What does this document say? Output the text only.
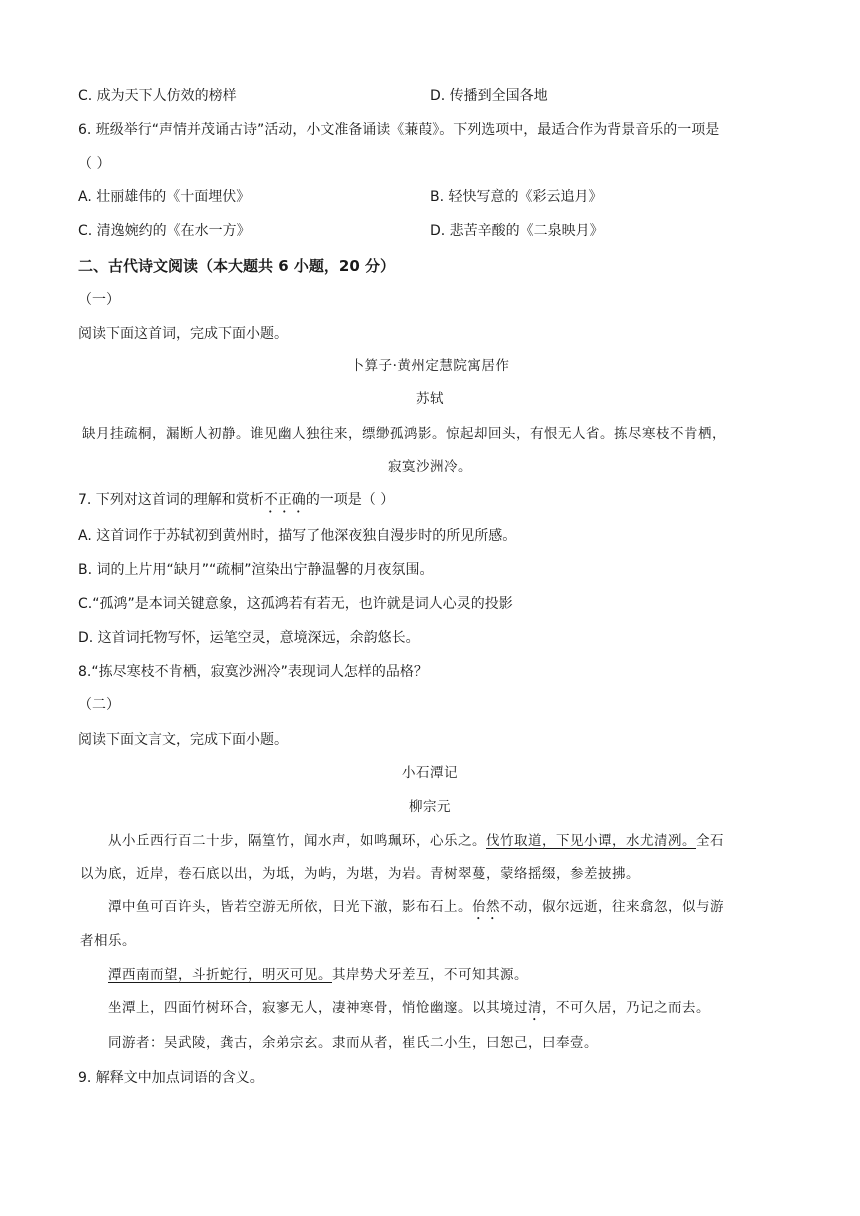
C. 成为天下人仿效的榜样	D. 传播到全国各地
6. 班级举行“声情并茂诵古诗”活动，小文准备诵读《蒹葭》。下列选项中，最适合作为背景音乐的一项是
（ ）
A. 壮丽雄伟的《十面埋伏》	B. 轻快写意的《彩云追月》
C. 清逸婉约的《在水一方》	D. 悲苦辛酸的《二泉映月》
二、古代诗文阅读（本大题共 6 小题，20 分）
（一）
阅读下面这首词，完成下面小题。
卜算子·黄州定慧院寓居作
苏轼
缺月挂疏桐，漏断人初静。谁见幽人独往来，缥缈孤鸿影。惊起却回头，有恨无人省。拣尽寒枝不肯栖，
寂寞沙洲冷。
7. 下列对这首词的理解和赏析不正确的一项是（ ）
A. 这首词作于苏轼初到黄州时，描写了他深夜独自漫步时的所见所感。
B. 词的上片用“缺月”“疏桐”渲染出宁静温馨的月夜氛围。
C.“孤鸿”是本词关键意象，这孤鸿若有若无，也许就是词人心灵的投影
D. 这首词托物写怀，运笔空灵，意境深远，余韵悠长。
8.“拣尽寒枝不肯栖，寂寞沙洲冷”表现词人怎样的品格？
（二）
阅读下面文言文，完成下面小题。
小石潭记
柳宗元
从小丘西行百二十步，隔篁竹，闻水声，如鸣珮环，心乐之。伐竹取道，下见小谭，水尤清冽。全石
以为底，近岸，卷石底以出，为坻，为屿，为堪，为岩。青树翠蔓，蒙络摇缀，参差披拂。
潭中鱼可百许头，皆若空游无所依，日光下澈，影布石上。佁然不动，俶尔远逝，往来翕忽，似与游
者相乐。
潭西南而望，斗折蛇行，明灭可见。其岸势犬牙差互，不可知其源。
坐潭上，四面竹树环合，寂寥无人，凄神寒骨，悄怆幽邃。以其境过清，不可久居，乃记之而去。
同游者：吴武陵，龚古，余弟宗玄。隶而从者，崔氏二小生，曰恕己，曰奉壹。
9. 解释文中加点词语的含义。
